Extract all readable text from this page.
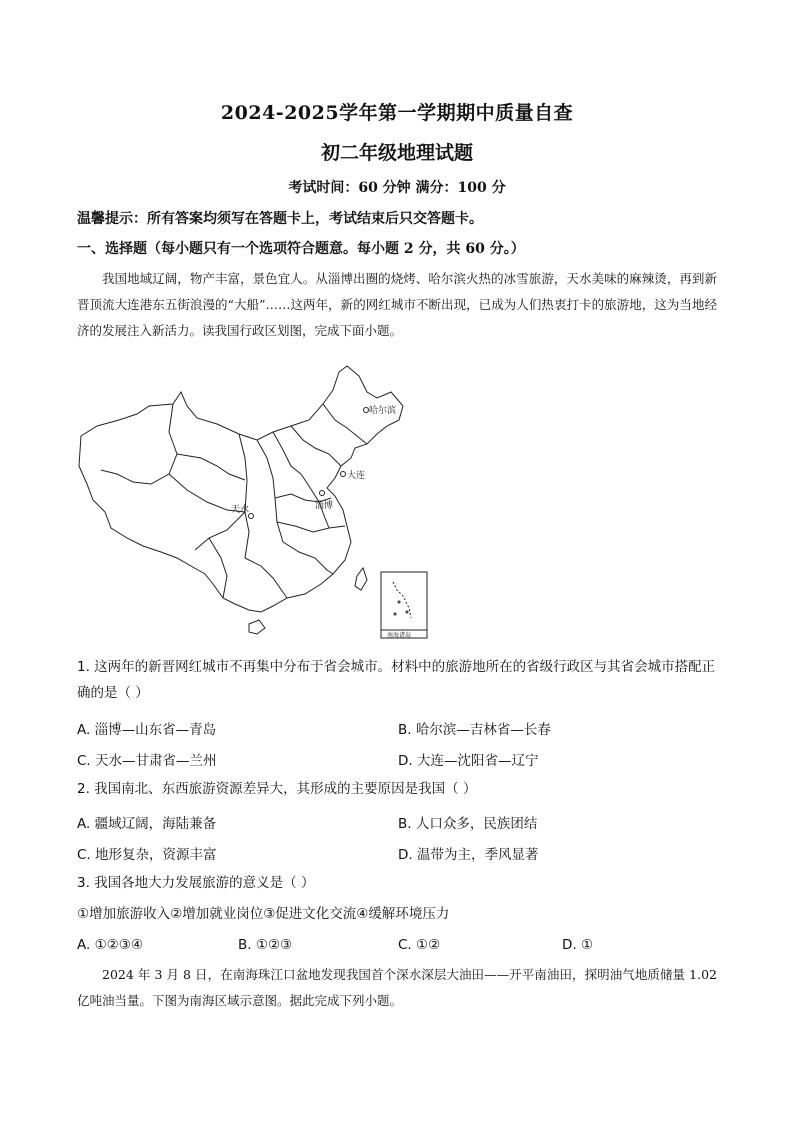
2024-2025学年第一学期期中质量自查
初二年级地理试题
考试时间：60 分钟 满分：100 分
温馨提示：所有答案均须写在答题卡上，考试结束后只交答题卡。
一、选择题（每小题只有一个选项符合题意。每小题 2 分，共 60 分。）
我国地域辽阔，物产丰富，景色宜人。从淄博出圈的烧烤、哈尔滨火热的冰雪旅游，天水美味的麻辣烫，再到新晋顶流大连港东五街浪漫的“大船”……这两年，新的网红城市不断出现，已成为人们热衷打卡的旅游地，这为当地经济的发展注入新活力。读我国行政区划图，完成下面小题。
南海诸岛
哈尔滨
大连
淄博
天水
1. 这两年的新晋网红城市不再集中分布于省会城市。材料中的旅游地所在的省级行政区与其省会城市搭配正确的是（ ）
A. 淄博—山东省—青岛	B. 哈尔滨—吉林省—长春
C. 天水—甘肃省—兰州	D. 大连—沈阳省—辽宁
2. 我国南北、东西旅游资源差异大，其形成的主要原因是我国（ ）
A. 疆域辽阔，海陆兼备	B. 人口众多，民族团结
C. 地形复杂，资源丰富	D. 温带为主，季风显著
3. 我国各地大力发展旅游的意义是（ ）
①增加旅游收入②增加就业岗位③促进文化交流④缓解环境压力
A. ①②③④	B. ①②③	C. ①②	D. ①
2024 年 3 月 8 日，在南海珠江口盆地发现我国首个深水深层大油田——开平南油田，探明油气地质储量 1.02 亿吨油当量。下图为南海区域示意图。据此完成下列小题。
